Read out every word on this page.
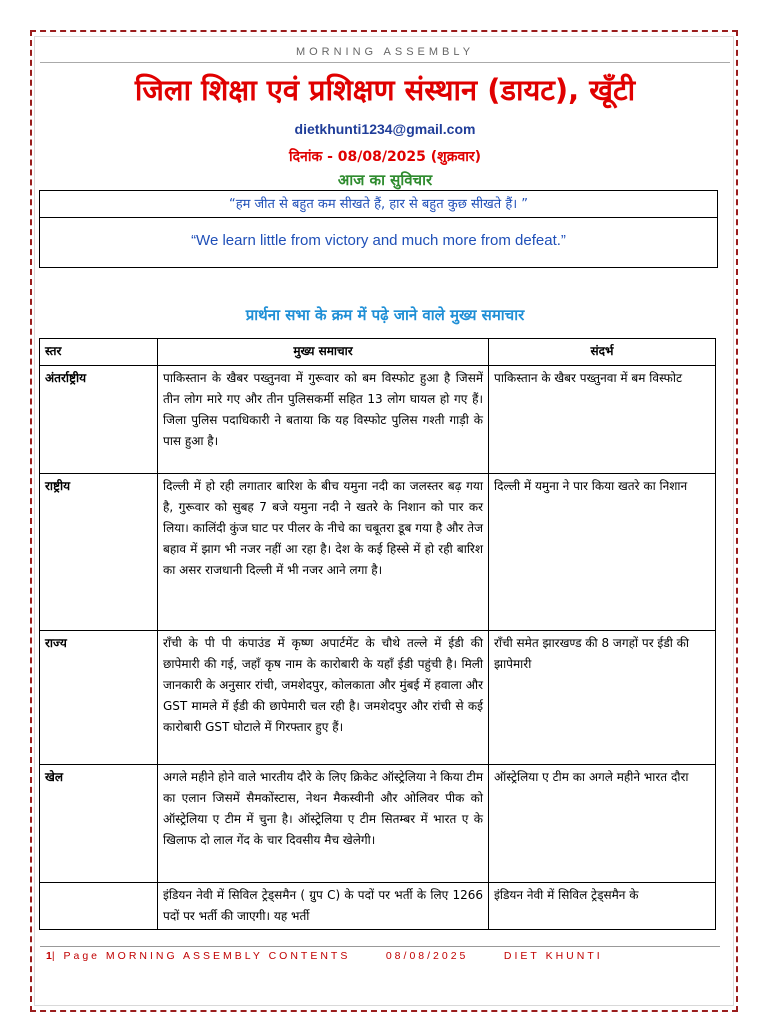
MORNING ASSEMBLY
जिला शिक्षा एवं प्रशिक्षण संस्थान (डायट), खूँटी
dietkhunti1234@gmail.com
दिनांक - 08/08/2025 (शुक्रवार)
आज का सुविचार
“हम जीत से बहुत कम सीखते हैं, हार से बहुत कुछ सीखते हैं। ”
“We learn little from victory and much more from defeat.”
प्रार्थना सभा के क्रम में पढ़े जाने वाले मुख्य समाचार
स्तर	मुख्य समाचार	संदर्भ
अंतर्राष्ट्रीय	पाकिस्तान के खैबर पख्तुनवा में गुरूवार को बम विस्फोट हुआ है जिसमें तीन लोग मारे गए और तीन पुलिसकर्मी सहित 13 लोग घायल हो गए हैं। जिला पुलिस पदाधिकारी ने बताया कि यह विस्फोट पुलिस गश्ती गाड़ी के पास हुआ है।	पाकिस्तान के खैबर पख्तुनवा में बम विस्फोट
राष्ट्रीय	दिल्ली में हो रही लगातार बारिश के बीच यमुना नदी का जलस्तर बढ़ गया है, गुरूवार को सुबह 7 बजे यमुना नदी ने खतरे के निशान को पार कर लिया। कालिंदी कुंज घाट पर पीलर के नीचे का चबूतरा डूब गया है और तेज बहाव में झाग भी नजर नहीं आ रहा है। देश के कई हिस्से में हो रही बारिश का असर राजधानी दिल्ली में भी नजर आने लगा है।	दिल्ली में यमुना ने पार किया खतरे का निशान
राज्य	राँची के पी पी कंपाउंड में कृष्ण अपार्टमेंट के चौथे तल्ले में ईडी की छापेमारी की गई, जहाँ कृष नाम के कारोबारी के यहाँ ईडी पहुंची है। मिली जानकारी के अनुसार रांची, जमशेदपुर, कोलकाता और मुंबई में हवाला और GST मामले में ईडी की छापेमारी चल रही है। जमशेदपुर और रांची से कई कारोबारी GST घोटाले में गिरफ्तार हुए हैं।	राँची समेत झारखण्ड की 8 जगहों पर ईडी की झापेमारी
खेल	अगले महीने होने वाले भारतीय दौरे के लिए क्रिकेट ऑस्ट्रेलिया ने किया टीम का एलान जिसमें सैमकोंस्टास, नेथन मैकस्वीनी और ओलिवर पीक को ऑस्ट्रेलिया ए टीम में चुना है। ऑस्ट्रेलिया ए टीम सितम्बर में भारत ए के खिलाफ दो लाल गेंद के चार दिवसीय मैच खेलेगी।	ऑस्ट्रेलिया ए टीम का अगले महीने भारत दौरा
	इंडियन नेवी में सिविल ट्रेड्समैन ( ग्रुप C) के पदों पर भर्ती के लिए 1266 पदों पर भर्ती की जाएगी। यह भर्ती	इंडियन नेवी में सिविल ट्रेड्समैन के
1| Page MORNING ASSEMBLY CONTENTS	08/08/2025	DIET KHUNTI
